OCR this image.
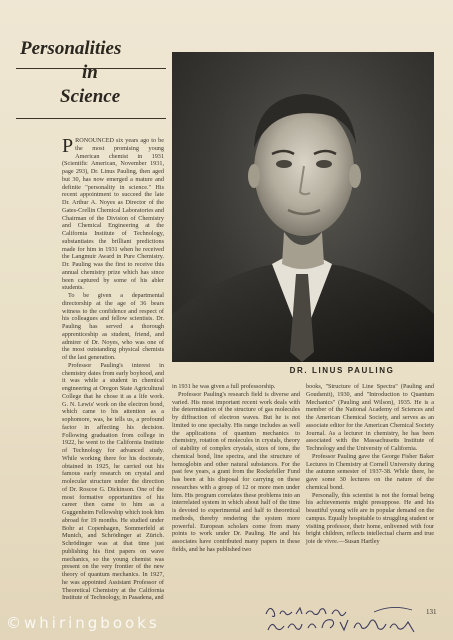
Personalities
in
Science
DR. LINUS PAULING
P RONOUNCED six years ago to be the most promising young American chemist in 1931 (Scientific American, November 1931, page 293), Dr. Linus Pauling, then aged but 30, has now emerged a mature and definite "personality in science." His recent appointment to succeed the late Dr. Arthur A. Noyes as Director of the Gates-Crellin Chemical Laboratories and Chairman of the Division of Chemistry and Chemical Engineering at the California Institute of Technology, substantiates the brilliant predictions made for him in 1931 when he received the Langmuir Award in Pure Chemistry. Dr. Pauling was the first to receive this annual chemistry prize which has since been captured by some of his abler students.

To be given a departmental directorship at the age of 36 bears witness to the confidence and respect of his colleagues and fellow scientists. Dr. Pauling has served a thorough apprenticeship as student, friend, and admirer of Dr. Noyes, who was one of the most outstanding physical chemists of the last generation.

Professor Pauling's interest in chemistry dates from early boyhood, and it was while a student in chemical engineering at Oregon State Agricultural College that he chose it as a life work. G. N. Lewis' work on the electron bond, which came to his attention as a sophomore, was, he tells us, a profound factor in affecting his decision. Following graduation from college in 1922, he went to the California Institute of Technology for advanced study. While working there for his doctorate, obtained in 1925, he carried out his famous early research on crystal and molecular structure under the direction of Dr. Roscoe G. Dickinson. One of the most formative opportunities of his career then came to him as a Guggenheim Fellowship which took him abroad for 19 months. He studied under Bohr at Copenhagen, Sommerfeld at Munich, and Schrödinger at Zürich. Schrödinger was at that time just publishing his first papers on wave mechanics, so the young chemist was present on the very frontier of the new theory of quantum mechanics. In 1927, he was appointed Assistant Professor of Theoretical Chemistry at the California Institute of Technology, in Pasadena, and

in 1931 he was given a full professorship.

Professor Pauling's research field is diverse and varied. His most important recent work deals with the determination of the structure of gas molecules by diffraction of electron waves. But he is not limited to one specialty. His range includes as well the applications of quantum mechanics to chemistry, rotation of molecules in crystals, theory of stability of complex crystals, sizes of ions, the chemical bond, line spectra, and the structure of hemoglobin and other natural substances. For the past few years, a grant from the Rockefeller Fund has been at his disposal for carrying on these researches with a group of 12 or more men under him. His program correlates these problems into an interrelated system in which about half of the time is devoted to experimental and half to theoretical methods, thereby rendering the system more powerful. European scholars come from many points to work under Dr. Pauling. He and his associates have contributed many papers in these fields, and he has published two

books, "Structure of Line Spectra" (Pauling and Goudsmit), 1930, and "Introduction to Quantum Mechanics" (Pauling and Wilson), 1935. He is a member of the National Academy of Sciences and the American Chemical Society, and serves as an associate editor for the American Chemical Society Journal. As a lecturer in chemistry, he has been associated with the Massachusetts Institute of Technology and the University of California.

Professor Pauling gave the George Fisher Baker Lectures in Chemistry at Cornell University during the autumn semester of 1937-38. While there, he gave some 30 lectures on the nature of the chemical bond.

Personally, this scientist is not the formal being his achievements might presuppose. He and his beautiful young wife are in popular demand on the campus. Equally hospitable to struggling student or visiting professor, their home, enlivened with four bright children, reflects intellectual charm and true joie de vivre.—Susan Hartley

©whiringbooks
131
